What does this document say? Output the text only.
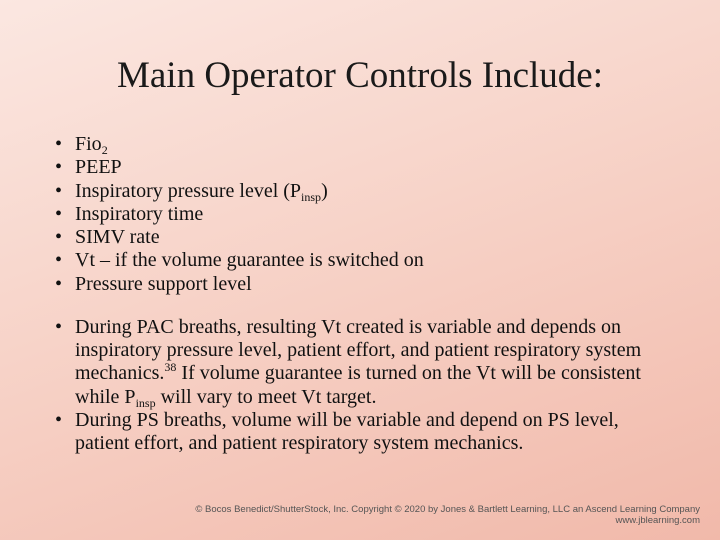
Main Operator Controls Include:
• Fio$_2$
• PEEP
• Inspiratory pressure level $(P_{insp})$
• Inspiratory time
• SIMV rate
• Vt – if the volume guarantee is switched on
• Pressure support level
• During PAC breaths, resulting Vt created is variable and depends on inspiratory pressure level, patient effort, and patient respiratory system mechanics.$^{38}$ If volume guarantee is turned on the Vt will be consistent while $P_{insp}$ will vary to meet Vt target.
• During PS breaths, volume will be variable and depend on PS level, patient effort, and patient respiratory system mechanics.
© Bocos Benedict/ShutterStock, Inc. Copyright © 2020 by Jones & Bartlett Learning, LLC an Ascend Learning Company
www.jblearning.com
